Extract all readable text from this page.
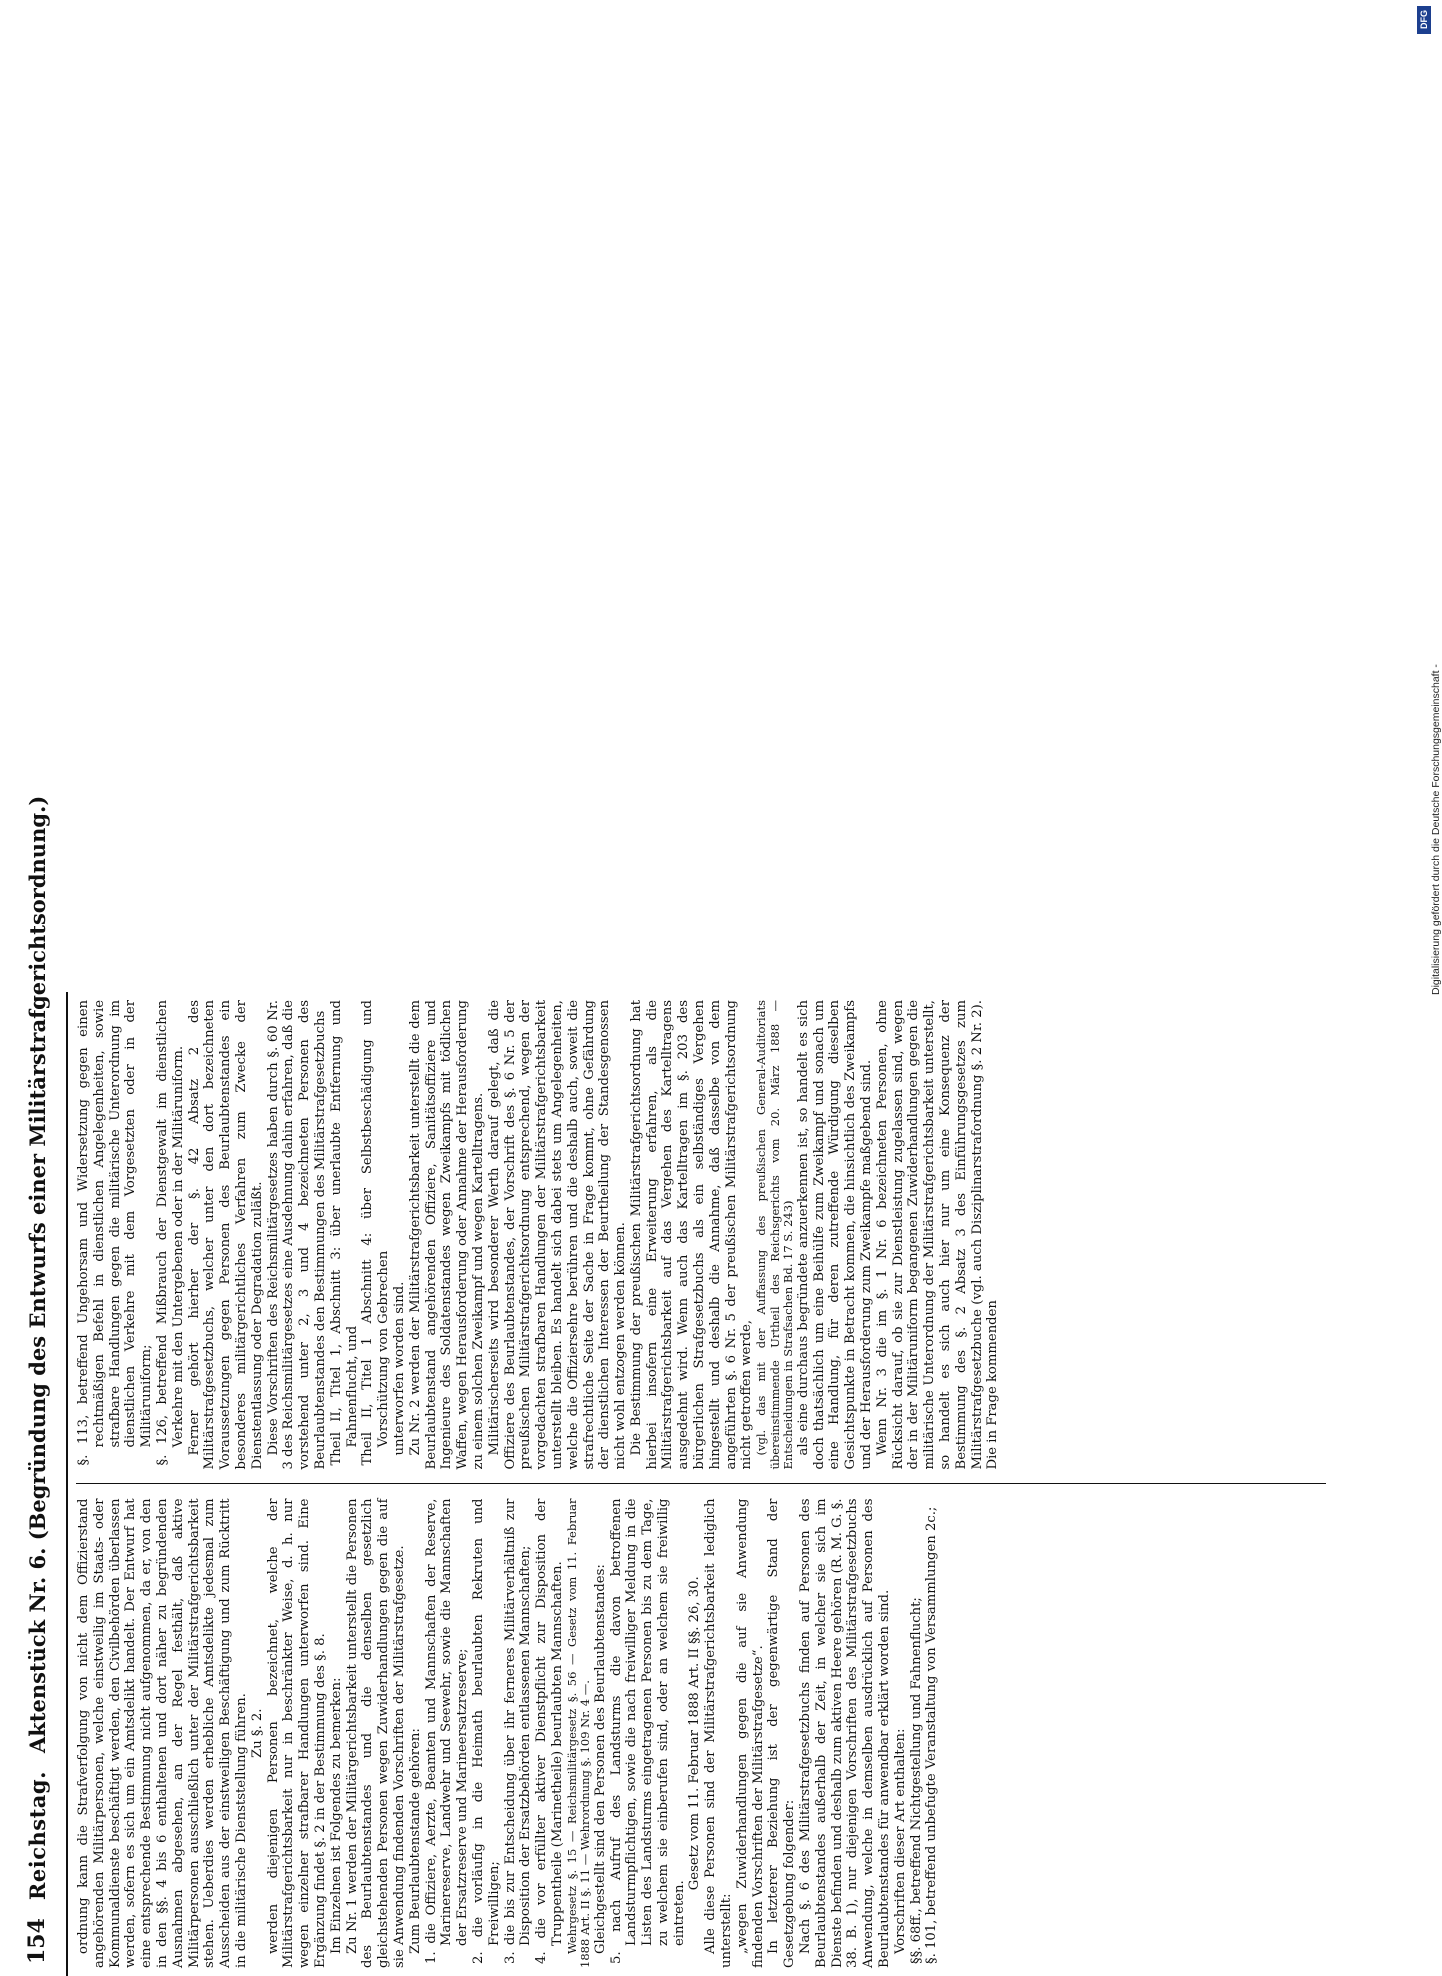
154
Reichstag.
Aktenstück Nr. 6. (Begründung des Entwurfs einer Militärstrafgerichtsordnung.) ordnung kann die Strafverfolgung von nicht dem Offizierstand angehörenden Militärpersonen, welche einstweilig im Staats- oder Kommunaldienste beschäftigt werden, den Civilbehörden überlassen werden, sofern es sich um ein Amtsdelikt handelt. Der Entwurf hat eine entsprechende Bestimmung nicht aufgenommen, da er, von den in den §§. 4 bis 6 enthaltenen und dort näher zu begründenden Ausnahmen abgesehen, an der Regel festhält, daß aktive Militärpersonen ausschließlich unter der Militärstrafgerichtsbarkeit stehen. Ueberdies werden erhebliche Amtsdelikte jedesmal zum Ausscheiden aus der einstweiligen Beschäftigung und zum Rücktritt in die militärische Dienststellung führen. Zu §. 2. werden diejenigen Personen bezeichnet, welche der Militärstrafgerichtsbarkeit nur in beschränkter Weise, d. h. nur wegen einzelner strafbarer Handlungen unterworfen sind. Eine Ergänzung findet §. 2 in der Bestimmung des §. 8. Im Einzelnen ist Folgendes zu bemerken: Zu Nr. 1 werden der Militärgerichtsbarkeit unterstellt die Personen des Beurlaubtenstandes und die denselben gesetzlich gleichstehenden Personen wegen Zuwiderhandlungen gegen die auf sie Anwendung findenden Vorschriften der Militärstrafgesetze. Zum Beurlaubtenstande gehören: 1. die Offiziere, Aerzte, Beamten und Mannschaften der Reserve, Marinereserve, Landwehr und Seewehr, sowie die Mannschaften der Ersatzreserve und Marineersatzreserve; 2. die vorläufig in die Heimath beurlaubten Rekruten und Freiwilligen; 3. die bis zur Entscheidung über ihr ferneres Militärverhältniß zur Disposition der Ersatzbehörden entlassenen Mannschaften; 4. die vor erfüllter aktiver Dienstpflicht zur Disposition der Truppentheile (Marinetheile) beurlaubten Mannschaften. Wehrgesetz §. 15 — Reichsmilitärgesetz §. 56 — Gesetz vom 11. Februar 1888 Art. II §. 11 — Wehrordnung §. 109 Nr. 4 —. Gleichgestellt sind den Personen des Beurlaubtenstandes: 5. nach Aufruf des Landsturms die davon betroffenen Landsturmpflichtigen, sowie die nach freiwilliger Meldung in die Listen des Landsturms eingetragenen Personen bis zu dem Tage, zu welchem sie einberufen sind, oder an welchem sie freiwillig eintreten.

Gesetz vom 11. Februar 1888 Art. II §§. 26, 30. Alle diese Personen sind der Militärstrafgerichtsbarkeit lediglich unterstellt: „wegen Zuwiderhandlungen gegen die auf sie Anwendung findenden Vorschriften der Militärstrafgesetze“. In letzterer Beziehung ist der gegenwärtige Stand der Gesetzgebung folgender: Nach §. 6 des Militärstrafgesetzbuchs finden auf Personen des Beurlaubtenstandes außerhalb der Zeit, in welcher sie sich im Dienste befinden und deshalb zum aktiven Heere gehören (R. M. G. §. 38. B. 1), nur diejenigen Vorschriften des Militärstrafgesetzbuchs Anwendung, welche in demselben ausdrücklich auf Personen des Beurlaubtenstandes für anwendbar erklärt worden sind. Vorschriften dieser Art enthalten: §§. 68ff., betreffend Nichtgestellung und Fahnenflucht; §. 101, betreffend unbefugte Veranstaltung von Versammlungen 2c.;

§. 113, betreffend Ungehorsam und Widersetzung gegen einen rechtmäßigen Befehl in dienstlichen Angelegenheiten, sowie strafbare Handlungen gegen die militärische Unterordnung im dienstlichen Verkehre mit dem Vorgesetzten oder in der Militäruniform; §. 126, betreffend Mißbrauch der Dienstgewalt im dienstlichen Verkehre mit den Untergebenen oder in der Militäruniform. Ferner gehört hierher der §. 42 Absatz 2 des Militärstrafgesetzbuchs, welcher unter den dort bezeichneten Voraussetzungen gegen Personen des Beurlaubtenstandes ein besonderes militärgerichtliches Verfahren zum Zwecke der Dienstentlassung oder Degradation zuläßt. Diese Vorschriften des Reichsmilitärgesetzes haben durch §. 60 Nr. 3 des Reichsmilitärgesetzes eine Ausdehnung dahin erfahren, daß die vorstehend unter 2, 3 und 4 bezeichneten Personen des Beurlaubtenstandes den Bestimmungen des Militärstrafgesetzbuchs Theil II, Titel 1, Abschnitt 3: über unerlaubte Entfernung und Fahnenflucht, und Theil II, Titel 1 Abschnitt 4: über Selbstbeschädigung und Vorschützung von Gebrechen unterworfen worden sind. Zu Nr. 2 werden der Militärstrafgerichtsbarkeit unterstellt die dem Beurlaubtenstand angehörenden Offiziere, Sanitätsoffiziere und Ingenieure des Soldatenstandes wegen Zweikampfs mit tödlichen Waffen, wegen Herausforderung oder Annahme der Herausforderung zu einem solchen Zweikampf und wegen Kartelltragens. Militärischerseits wird besonderer Werth darauf gelegt, daß die Offiziere des Beurlaubtenstandes, der Vorschrift des §. 6 Nr. 5 der preußischen Militärstrafgerichtsordnung entsprechend, wegen der vorgedachten strafbaren Handlungen der Militärstrafgerichtsbarkeit unterstellt bleiben. Es handelt sich dabei stets um Angelegenheiten, welche die Offiziersehre berühren und die deshalb auch, soweit die strafrechtliche Seite der Sache in Frage kommt, ohne Gefährdung der dienstlichen Interessen der Beurtheilung der Standesgenossen nicht wohl entzogen werden können. Die Bestimmung der preußischen Militärstrafgerichtsordnung hat hierbei insofern eine Erweiterung erfahren, als die Militärstrafgerichtsbarkeit auf das Vergehen des Kartelltragens ausgedehnt wird. Wenn auch das Kartelltragen im §. 203 des bürgerlichen Strafgesetzbuchs als ein selbständiges Vergehen hingestellt und deshalb die Annahme, daß dasselbe von dem angeführten §. 6 Nr. 5 der preußischen Militärstrafgerichtsordnung nicht getroffen werde, (vgl. das mit der Auffassung des preußischen General-Auditoriats übereinstimmende Urtheil des Reichsgerichts vom 20. März 1888 — Entscheidungen in Strafsachen Bd. 17 S. 243) als eine durchaus begründete anzuerkennen ist, so handelt es sich doch thatsächlich um eine Beihülfe zum Zweikampf und sonach um eine Handlung, für deren zutreffende Würdigung dieselben Gesichtspunkte in Betracht kommen, die hinsichtlich des Zweikampfs und der Herausforderung zum Zweikampfe maßgebend sind. Wenn Nr. 3 die im §. 1 Nr. 6 bezeichneten Personen, ohne Rücksicht darauf, ob sie zur Dienstleistung zugelassen sind, wegen der in der Militäruniform begangenen Zuwiderhandlungen gegen die militärische Unterordnung der Militärstrafgerichtsbarkeit unterstellt, so handelt es sich auch hier nur um eine Konsequenz der Bestimmung des §. 2 Absatz 3 des Einführungsgesetzes zum Militärstrafgesetzbuche (vgl. auch Disziplinarstrafordnung §. 2 Nr. 2). Die in Frage kommenden

DFG
Digitalisierung gefördert durch die Deutsche Forschungsgemeinschaft -
